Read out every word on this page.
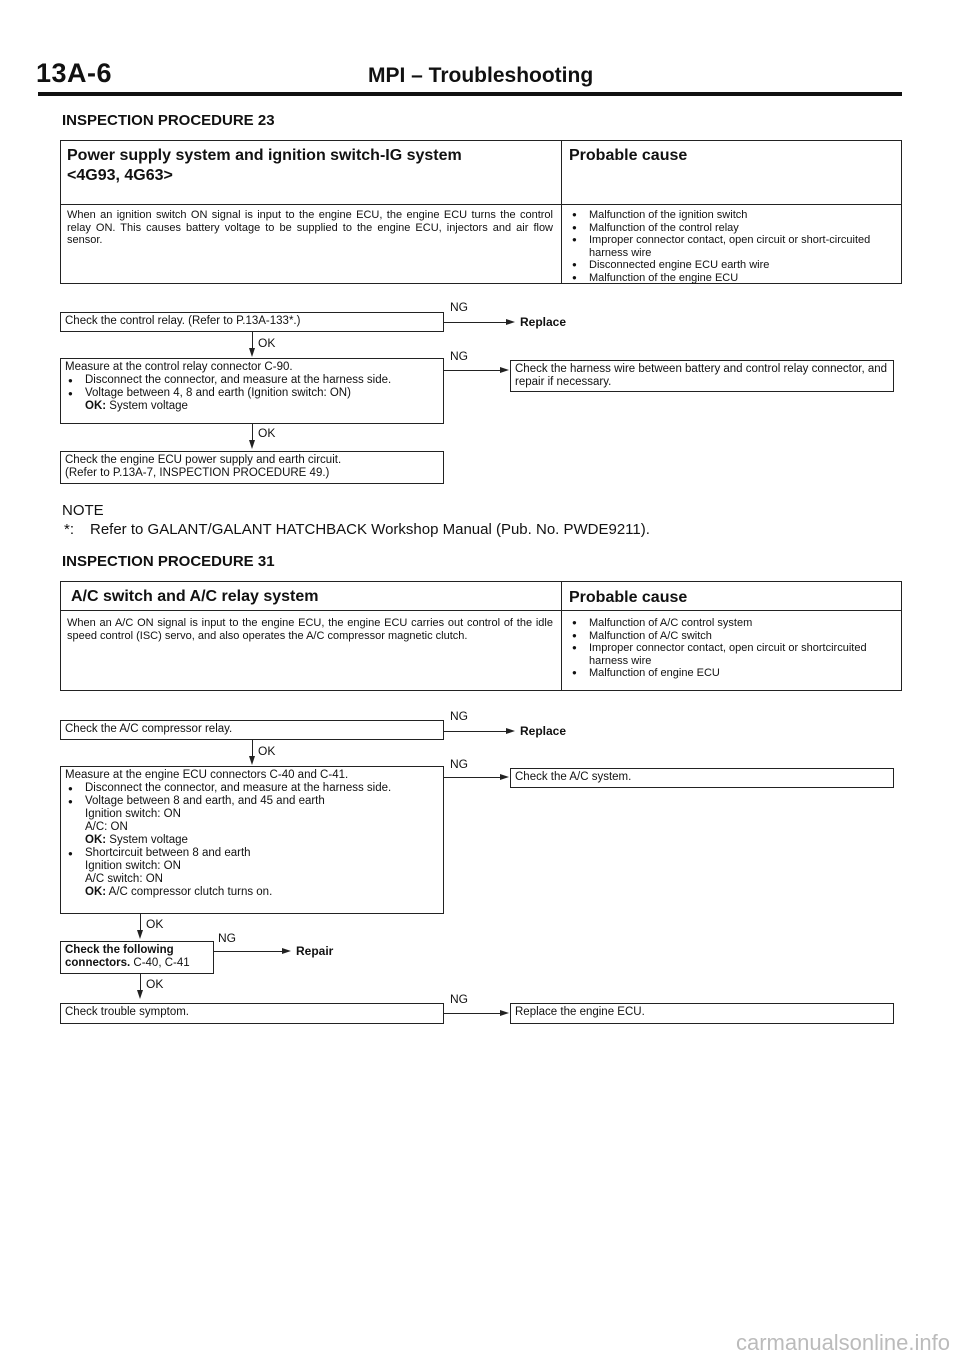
13A-6	MPI – Troubleshooting
INSPECTION PROCEDURE 23
Power supply system and ignition switch-IG system
<4G93, 4G63>
Probable cause
When an ignition switch ON signal is input to the engine ECU, the engine ECU turns the control relay ON. This causes battery voltage to be supplied to the engine ECU, injectors and air flow sensor.
● Malfunction of the ignition switch
● Malfunction of the control relay
● Improper connector contact, open circuit or short-circuited harness wire
● Disconnected engine ECU earth wire
● Malfunction of the engine ECU
Check the control relay. (Refer to P.13A-133*.)
NG
Replace
OK
Measure at the control relay connector C-90.
● Disconnect the connector, and measure at the harness side.
● Voltage between 4, 8 and earth (Ignition switch: ON)
OK: System voltage
NG
Check the harness wire between battery and control relay connector, and repair if necessary.
OK
Check the engine ECU power supply and earth circuit.
(Refer to P.13A-7, INSPECTION PROCEDURE 49.)
NOTE
*: Refer to GALANT/GALANT HATCHBACK Workshop Manual (Pub. No. PWDE9211).
INSPECTION PROCEDURE 31
A/C switch and A/C relay system	Probable cause
When an A/C ON signal is input to the engine ECU, the engine ECU carries out control of the idle speed control (ISC) servo, and also operates the A/C compressor magnetic clutch.
● Malfunction of A/C control system
● Malfunction of A/C switch
● Improper connector contact, open circuit or shortcircuited harness wire
● Malfunction of engine ECU
Check the A/C compressor relay.
NG
Replace
OK
Measure at the engine ECU connectors C-40 and C-41.
● Disconnect the connector, and measure at the harness side.
● Voltage between 8 and earth, and 45 and earth
Ignition switch: ON
A/C: ON
OK: System voltage
● Shortcircuit between 8 and earth
Ignition switch: ON
A/C switch: ON
OK: A/C compressor clutch turns on.
NG
Check the A/C system.
OK
Check the following
connectors. C-40, C-41
NG
Repair
OK
Check trouble symptom.
NG
Replace the engine ECU.
carmanualsonline.info
